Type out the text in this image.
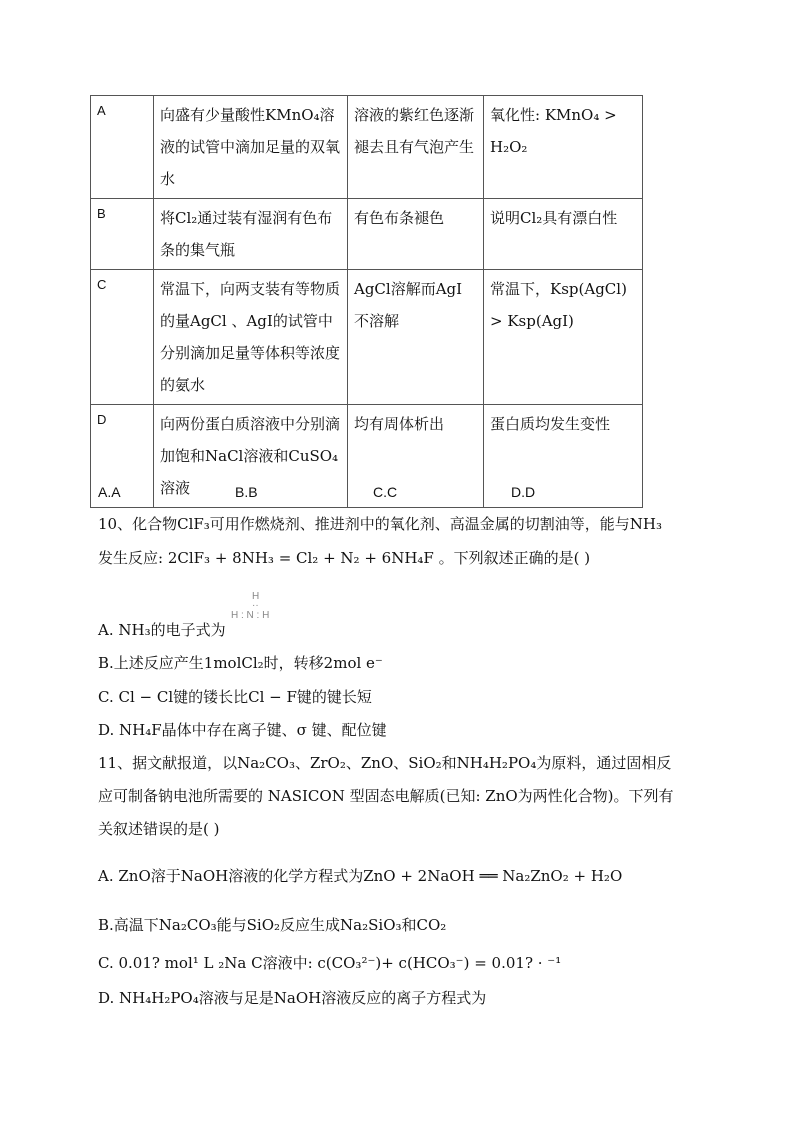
A	向盛有少量酸性KMnO₄溶液的试管中滴加足量的双氧水	溶液的紫红色逐渐褪去且有气泡产生	氧化性: KMnO₄ > H₂O₂
B	将Cl₂通过装有湿润有色布条的集气瓶	有色布条褪色	说明Cl₂具有漂白性
C	常温下，向两支装有等物质的量AgCl 、AgI的试管中分别滴加足量等体积等浓度的氨水	AgCl溶解而AgI不溶解	常温下，Ksp(AgCl) > Ksp(AgI)
D	向两份蛋白质溶液中分别滴加饱和NaCl溶液和CuSO₄溶液	均有周体析出	蛋白质均发生变性
A.A	B.B	C.C	D.D
10、化合物ClF₃可用作燃烧剂、推进剂中的氧化剂、高温金属的切割油等，能与NH₃
发生反应: 2ClF₃ + 8NH₃ = Cl₂ + N₂ + 6NH₄F 。下列叙述正确的是( )
H
··
H : N : H
A. NH₃的电子式为
B.上述反应产生1molCl₂时，转移2mol e⁻
C. Cl − Cl键的镂长比Cl − F键的键长短
D. NH₄F晶体中存在离子键、σ 键、配位键
11、据文献报道，以Na₂CO₃、ZrO₂、ZnO、SiO₂和NH₄H₂PO₄为原料，通过固相反
应可制备钠电池所需要的 NASICON 型固态电解质(已知: ZnO为两性化合物)。下列有
关叙述错误的是( )
A. ZnO溶于NaOH溶液的化学方程式为ZnO + 2NaOH ══ Na₂ZnO₂ + H₂O
B.高温下Na₂CO₃能与SiO₂反应生成Na₂SiO₃和CO₂
C. 0.01? mol¹ L ₂Na C溶液中: c(CO₃²⁻)+ c(HCO₃⁻) = 0.01? · ⁻¹
D. NH₄H₂PO₄溶液与足是NaOH溶液反应的离子方程式为
